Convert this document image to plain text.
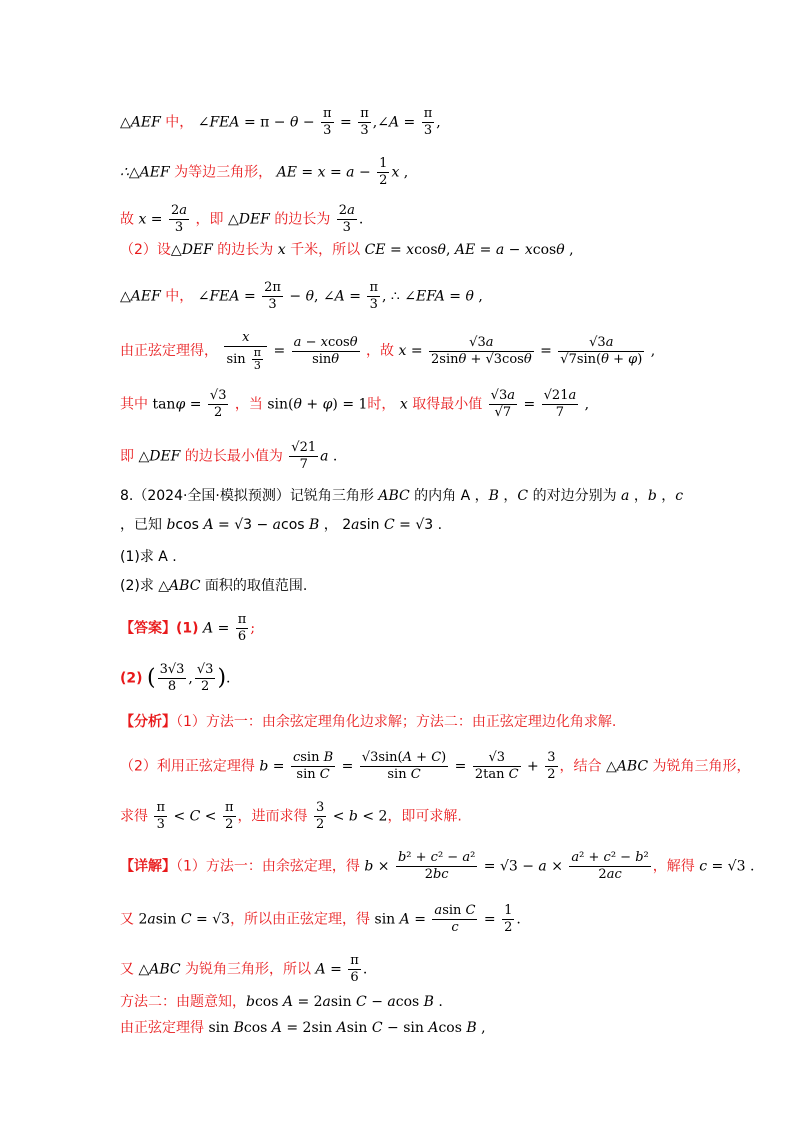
△AEF 中， ∠FEA = $\pi - \theta - \frac{\pi}{3} = \frac{\pi}{3}$ ,∠A = $\frac{\pi}{3}$ ,
∴△AEF 为等边三角形， AE = $x = a - \frac{1}{2}$ x ,
故 $x = \frac{2a}{3}$ ，即 △DEF 的边长为 $\frac{2a}{3}$ .
（2）设△DEF 的边长为 x 千米，所以 CE = xcosθ, AE = a − xcosθ ,
△AEF 中， ∠FEA = $\frac{2\pi}{3} - \theta$, ∠A = $\frac{\pi}{3}$ , ∴ ∠EFA = θ ,
由正弦定理得， $\frac{x}{\sin \frac{\pi}{3}} = \frac{a - xcos\theta}{\sin\theta}$ ，故 $x = \frac{√3a}{2\sin\theta + √3\cos\theta} = \frac{√3a}{√7\sin(\theta + \varphi)}$ ,
其中 $\tan\varphi = \frac{√3}{2}$ ，当 sin(θ + φ) = 1时， x 取得最小值 $\frac{√3a}{√7} = \frac{√21a}{7}$ ,
即 △DEF 的边长最小值为 $\frac{√21}{7}$ a .
8.（2024·全国·模拟预测）记锐角三角形 ABC 的内角 A ，B ，C 的对边分别为 a ，b ，c
，已知 bcos A = √3 − acos B ， 2asin C = √3 .
(1)求 A .
(2)求 △ABC 面积的取值范围.
【答案】(1) $A = \frac{\pi}{6}$ ;
(2) ( $\frac{3√3}{8}$ , $\frac{√3}{2}$ ).
【分析】（1）方法一：由余弦定理角化边求解；方法二：由正弦定理边化角求解.
（2）利用正弦定理得 $b = \frac{\text{csin B}}{\text{sin C}} = \frac{√3\sin(A + C)}{\text{sin C}} = \frac{√3}{\text{2tan C}} + \frac{3}{2}$ ，结合 △ABC 为锐角三角形，
求得 $\frac{\pi}{3} < C < \frac{\pi}{2}$ ，进而求得 $\frac{3}{2} < b < 2$，即可求解.
【详解】（1）方法一：由余弦定理，得 $b \times \frac{\text{b² + c² − a²}}{2bc} = √3 - a \times \frac{\text{a² + c² − b²}}{2ac}$ ，解得 c = √3 .
又 2asin C = √3，所以由正弦定理，得 $\sin A = \frac{\text{asin C}}{c} = \frac{1}{2}$ .
又 △ABC 为锐角三角形，所以 $A = \frac{\pi}{6}$ .
方法二：由题意知，bcos A = 2asin C − acos B .
由正弦定理得 sin Bcos A = 2sin Asin C − sin Acos B ,
